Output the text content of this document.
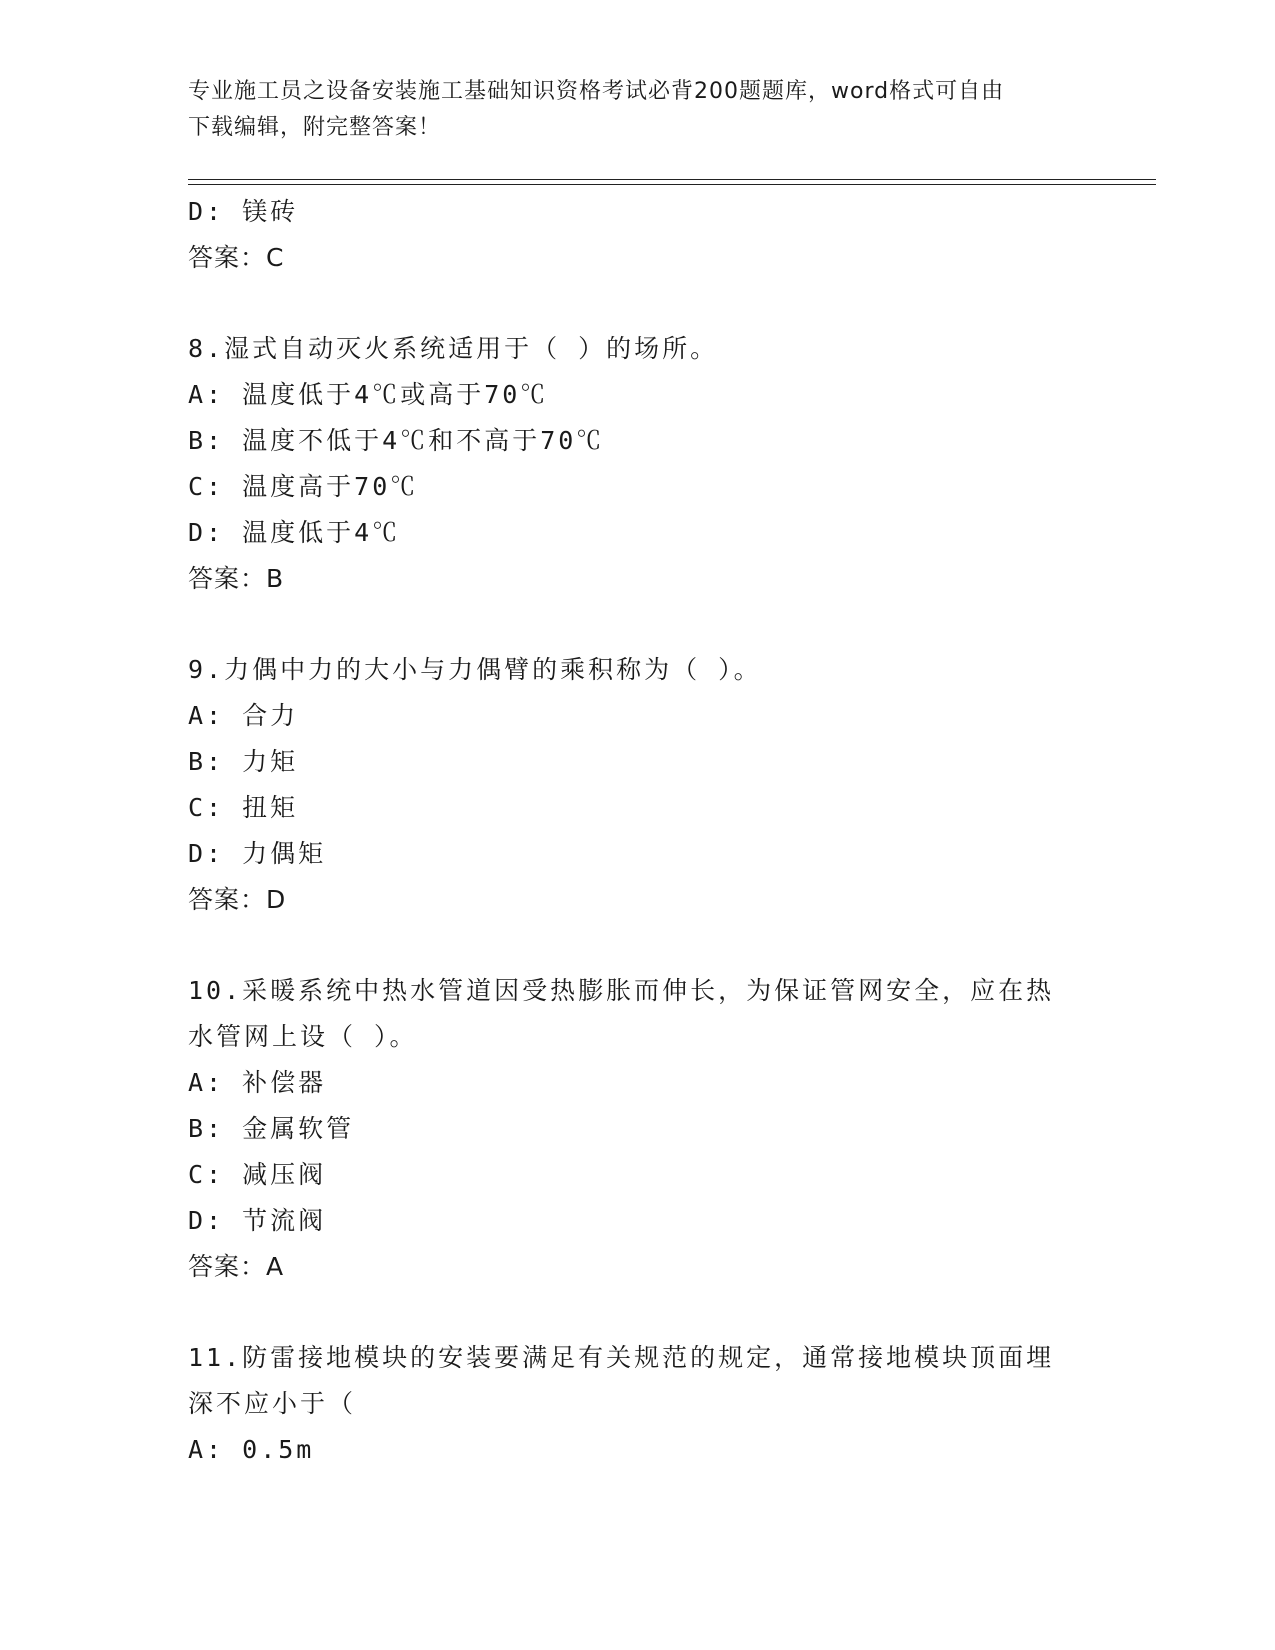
专业施工员之设备安装施工基础知识资格考试必背200题题库，word格式可自由
下载编辑，附完整答案！
D: 镁砖
答案：C
8.湿式自动灭火系统适用于（ ）的场所。
A: 温度低于4℃或高于70℃
B: 温度不低于4℃和不高于70℃
C: 温度高于70℃
D: 温度低于4℃
答案：B
9.力偶中力的大小与力偶臂的乘积称为（ ）。
A: 合力
B: 力矩
C: 扭矩
D: 力偶矩
答案：D
10.采暖系统中热水管道因受热膨胀而伸长，为保证管网安全，应在热
水管网上设（ ）。
A: 补偿器
B: 金属软管
C: 减压阀
D: 节流阀
答案：A
11.防雷接地模块的安装要满足有关规范的规定，通常接地模块顶面埋
深不应小于（
A: 0.5m
